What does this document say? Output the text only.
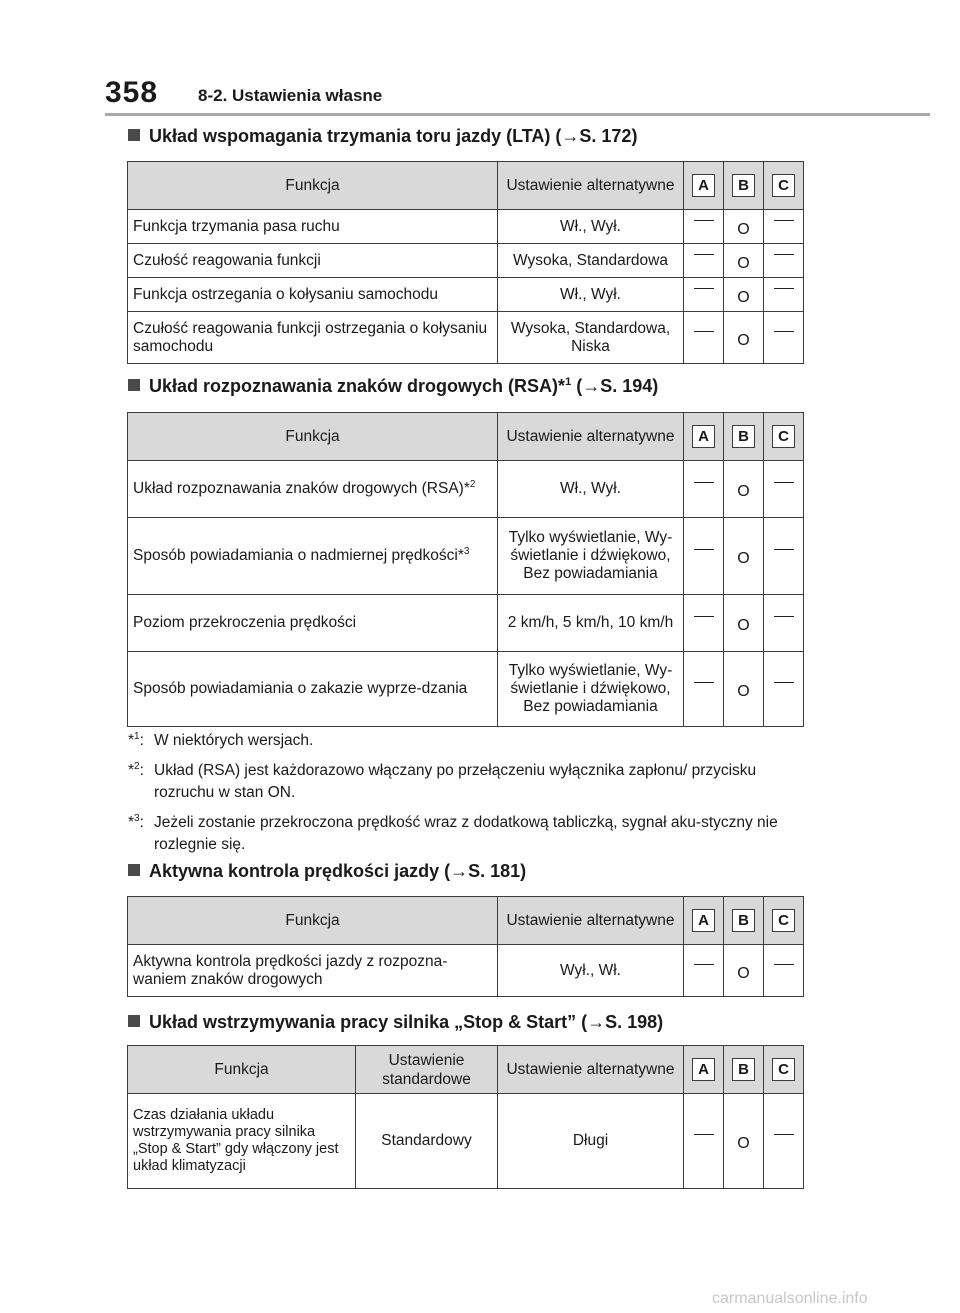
358 8-2. Ustawienia własne
Układ wspomagania trzymania toru jazdy (LTA) (→S. 172)
Funkcja	Ustawienie alternatywne	A	B	C
Funkcja trzymania pasa ruchu	Wł., Wył.		O	
Czułość reagowania funkcji	Wysoka, Standardowa		O	
Funkcja ostrzegania o kołysaniu samochodu	Wł., Wył.		O	
Czułość reagowania funkcji ostrzegania o kołysaniu samochodu	Wysoka, Standardowa, Niska		O	
Układ rozpoznawania znaków drogowych (RSA)*$^1$ (→S. 194)
Funkcja	Ustawienie alternatywne	A	B	C
Układ rozpoznawania znaków drogowych (RSA)*$^2$	Wł., Wył.		O	
Sposób powiadamiania o nadmiernej prędkości*$^3$	Tylko wyświetlanie, Wy-świetlanie i dźwiękowo, Bez powiadamiania		O	
Poziom przekroczenia prędkości	2 km/h, 5 km/h, 10 km/h		O	
Sposób powiadamiania o zakazie wyprze-dzania	Tylko wyświetlanie, Wy-świetlanie i dźwiękowo, Bez powiadamiania		O	
*$^1$: W niektórych wersjach.
*$^2$: Układ (RSA) jest każdorazowo włączany po przełączeniu wyłącznika zapłonu/ przycisku rozruchu w stan ON.
*$^3$: Jeżeli zostanie przekroczona prędkość wraz z dodatkową tabliczką, sygnał aku-styczny nie rozlegnie się.
Aktywna kontrola prędkości jazdy (→S. 181)
Funkcja	Ustawienie alternatywne	A	B	C
Aktywna kontrola prędkości jazdy z rozpozna-waniem znaków drogowych	Wył., Wł.		O	
Układ wstrzymywania pracy silnika „Stop & Start” (→S. 198)
Funkcja	Ustawienie standardowe	Ustawienie alternatywne	A	B	C
Czas działania układu wstrzymywania pracy silnika „Stop & Start” gdy włączony jest układ klimatyzacji	Standardowy	Długi		O	
carmanualsonline.info
